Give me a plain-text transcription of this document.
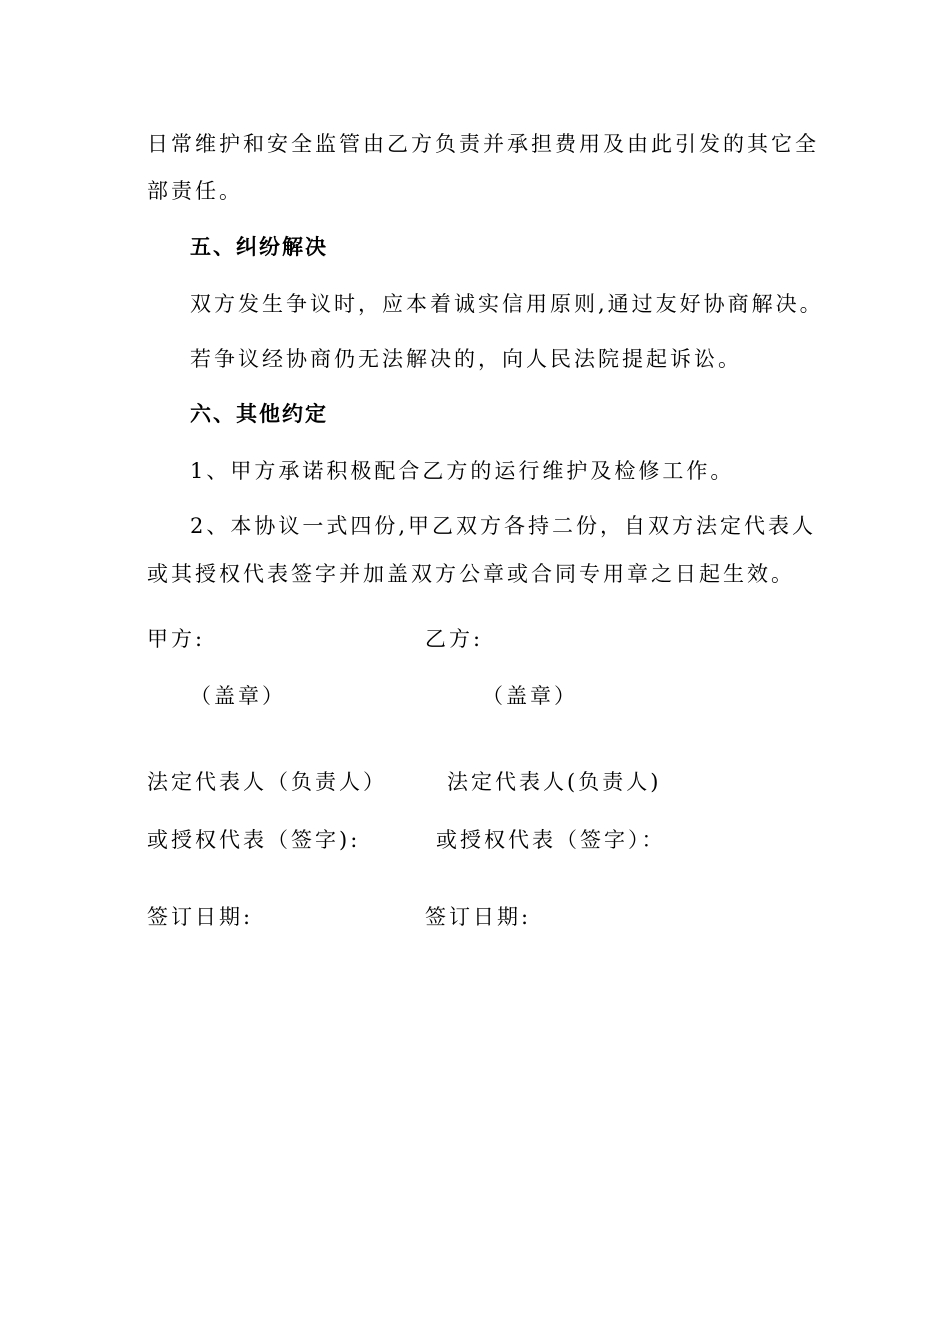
日常维护和安全监管由乙方负责并承担费用及由此引发的其它全
部责任。
五、纠纷解决
双方发生争议时，应本着诚实信用原则,通过友好协商解决。
若争议经协商仍无法解决的，向人民法院提起诉讼。
六、其他约定
1、甲方承诺积极配合乙方的运行维护及检修工作。
2、本协议一式四份,甲乙双方各持二份，自双方法定代表人
或其授权代表签字并加盖双方公章或合同专用章之日起生效。
甲方:	乙方:
（盖章）	（盖章）
法定代表人（负责人）	法定代表人(负责人)
或授权代表（签字):	或授权代表（签字）：
签订日期:	签订日期:
